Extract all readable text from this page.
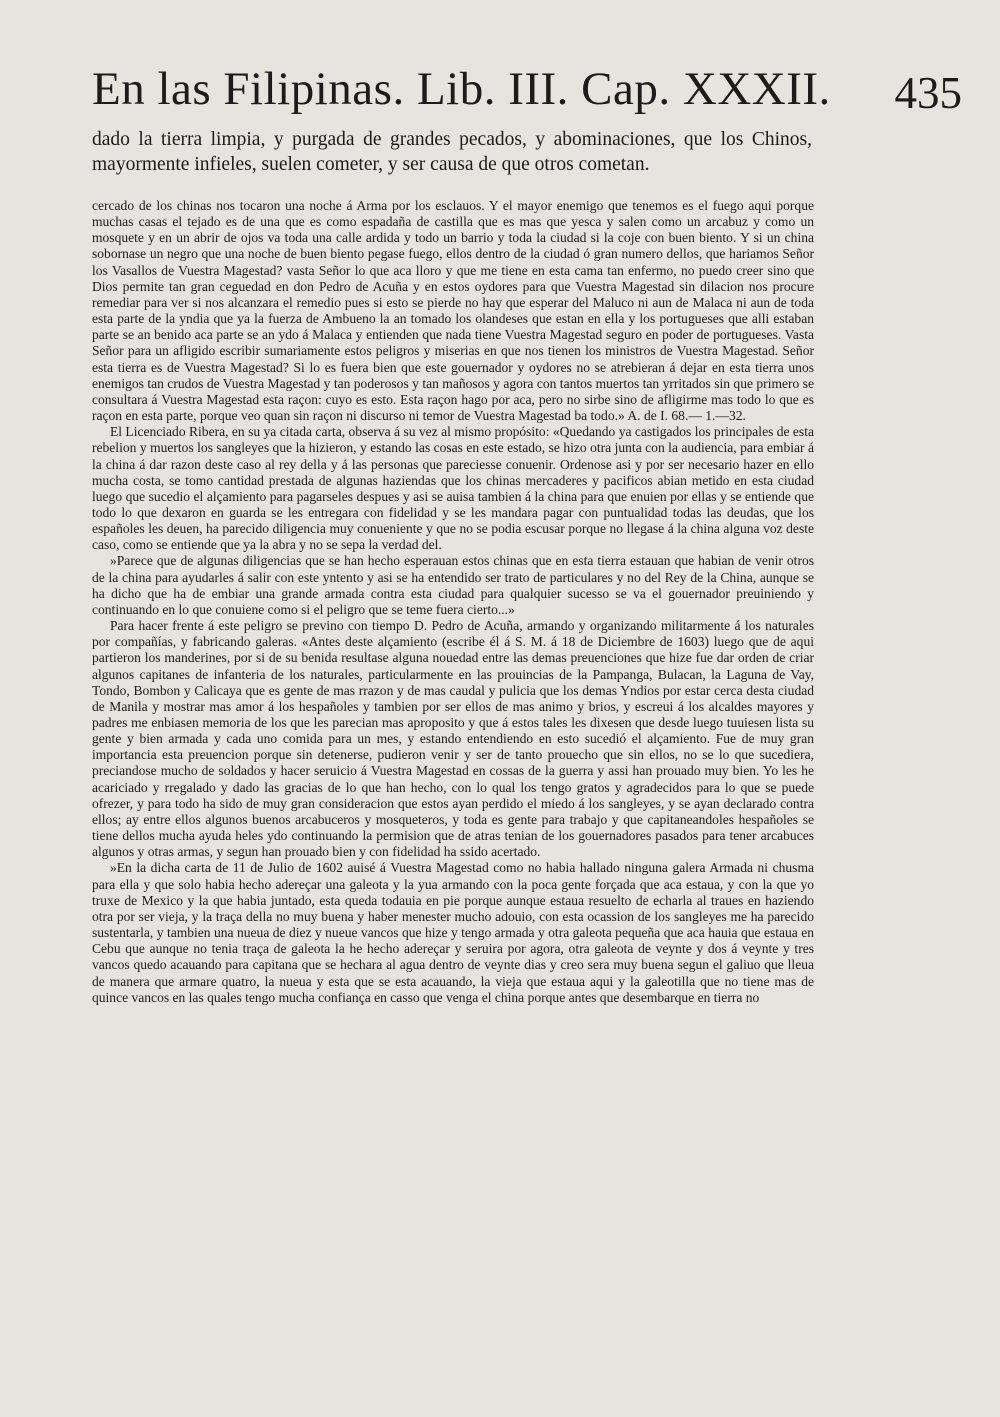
En las Filipinas. Lib. III. Cap. XXXII. 435
dado la tierra limpia, y purgada de grandes pecados, y abominaciones, que los Chinos, mayormente infieles, suelen cometer, y ser causa de que otros cometan.

cercado de los chinas nos tocaron una noche á Arma por los esclauos. Y el mayor enemigo que tenemos es el fuego aqui porque muchas casas el tejado es de una que es como espadaña de castilla que es mas que yesca y salen como un arcabuz y como un mosquete y en un abrir de ojos va toda una calle ardida y todo un barrio y toda la ciudad si la coje con buen biento. Y si un china sobornase un negro que una noche de buen biento pegase fuego, ellos dentro de la ciudad ó gran numero dellos, que hariamos Señor los Vasallos de Vuestra Magestad? vasta Señor lo que aca lloro y que me tiene en esta cama tan enfermo, no puedo creer sino que Dios permite tan gran ceguedad en don Pedro de Acuña y en estos oydores para que Vuestra Magestad sin dilacion nos procure remediar para ver si nos alcanzara el remedio pues si esto se pierde no hay que esperar del Maluco ni aun de Malaca ni aun de toda esta parte de la yndia que ya la fuerza de Ambueno la an tomado los olandeses que estan en ella y los portugueses que alli estaban parte se an benido aca parte se an ydo á Malaca y entienden que nada tiene Vuestra Magestad seguro en poder de portugueses. Vasta Señor para un afligido escribir sumariamente estos peligros y miserias en que nos tienen los ministros de Vuestra Magestad. Señor esta tierra es de Vuestra Magestad? Si lo es fuera bien que este gouernador y oydores no se atrebieran á dejar en esta tierra unos enemigos tan crudos de Vuestra Magestad y tan poderosos y tan mañosos y agora con tantos muertos tan yrritados sin que primero se consultara á Vuestra Magestad esta raçon: cuyo es esto. Esta raçon hago por aca, pero no sirbe sino de afligirme mas todo lo que es raçon en esta parte, porque veo quan sin raçon ni discurso ni temor de Vuestra Magestad ba todo.» A. de I. 68.— 1.—32.

El Licenciado Ribera, en su ya citada carta, observa á su vez al mismo propósito: «Quedando ya castigados los principales de esta rebelion y muertos los sangleyes que la hizieron, y estando las cosas en este estado, se hizo otra junta con la audiencia, para embiar á la china á dar razon deste caso al rey della y á las personas que pareciesse conuenir. Ordenose asi y por ser necesario hazer en ello mucha costa, se tomo cantidad prestada de algunas haziendas que los chinas mercaderes y pacificos abian metido en esta ciudad luego que sucedio el alçamiento para pagarseles despues y asi se auisa tambien á la china para que enuien por ellas y se entiende que todo lo que dexaron en guarda se les entregara con fidelidad y se les mandara pagar con puntualidad todas las deudas, que los españoles les deuen, ha parecido diligencia muy conueniente y que no se podia escusar porque no llegase á la china alguna voz deste caso, como se entiende que ya la abra y no se sepa la verdad del.

»Parece que de algunas diligencias que se han hecho esperauan estos chinas que en esta tierra estauan que habian de venir otros de la china para ayudarles á salir con este yntento y asi se ha entendido ser trato de particulares y no del Rey de la China, aunque se ha dicho que ha de embiar una grande armada contra esta ciudad para qualquier sucesso se va el gouernador preuiniendo y continuando en lo que conuiene como si el peligro que se teme fuera cierto...»

Para hacer frente á este peligro se previno con tiempo D. Pedro de Acuña, armando y organizando militarmente á los naturales por compañías, y fabricando galeras. «Antes deste alçamiento (escribe él á S. M. á 18 de Diciembre de 1603) luego que de aqui partieron los manderines, por si de su benida resultase alguna nouedad entre las demas preuenciones que hize fue dar orden de criar algunos capitanes de infanteria de los naturales, particularmente en las prouincias de la Pampanga, Bulacan, la Laguna de Vay, Tondo, Bombon y Calicaya que es gente de mas rrazon y de mas caudal y pulicia que los demas Yndios por estar cerca desta ciudad de Manila y mostrar mas amor á los hespañoles y tambien por ser ellos de mas animo y brios, y escreui á los alcaldes mayores y padres me enbiasen memoria de los que les parecian mas aproposito y que á estos tales les dixesen que desde luego tuuiesen lista su gente y bien armada y cada uno comida para un mes, y estando entendiendo en esto sucedió el alçamiento. Fue de muy gran importancia esta preuencion porque sin detenerse, pudieron venir y ser de tanto prouecho que sin ellos, no se lo que sucediera, preciandose mucho de soldados y hacer seruicio á Vuestra Magestad en cossas de la guerra y assi han prouado muy bien. Yo les he acariciado y rregalado y dado las gracias de lo que han hecho, con lo qual los tengo gratos y agradecidos para lo que se puede ofrezer, y para todo ha sido de muy gran consideracion que estos ayan perdido el miedo á los sangleyes, y se ayan declarado contra ellos; ay entre ellos algunos buenos arcabuceros y mosqueteros, y toda es gente para trabajo y que capitaneandoles hespañoles se tiene dellos mucha ayuda heles ydo continuando la permision que de atras tenian de los gouernadores pasados para tener arcabuces algunos y otras armas, y segun han prouado bien y con fidelidad ha ssido acertado.

»En la dicha carta de 11 de Julio de 1602 auisé á Vuestra Magestad como no habia hallado ninguna galera Armada ni chusma para ella y que solo habia hecho adereçar una galeota y la yua armando con la poca gente forçada que aca estaua, y con la que yo truxe de Mexico y la que habia juntado, esta queda todauia en pie porque aunque estaua resuelto de echarla al traues en haziendo otra por ser vieja, y la traça della no muy buena y haber menester mucho adouio, con esta ocassion de los sangleyes me ha parecido sustentarla, y tambien una nueua de diez y nueue vancos que hize y tengo armada y otra galeota pequeña que aca hauia que estaua en Cebu que aunque no tenia traça de galeota la he hecho adereçar y seruira por agora, otra galeota de veynte y dos á veynte y tres vancos quedo acauando para capitana que se hechara al agua dentro de veynte dias y creo sera muy buena segun el galiuo que lleua de manera que armare quatro, la nueua y esta que se esta acauando, la vieja que estaua aqui y la galeotilla que no tiene mas de quince vancos en las quales tengo mucha confiança en casso que venga el china porque antes que desembarque en tierra no
